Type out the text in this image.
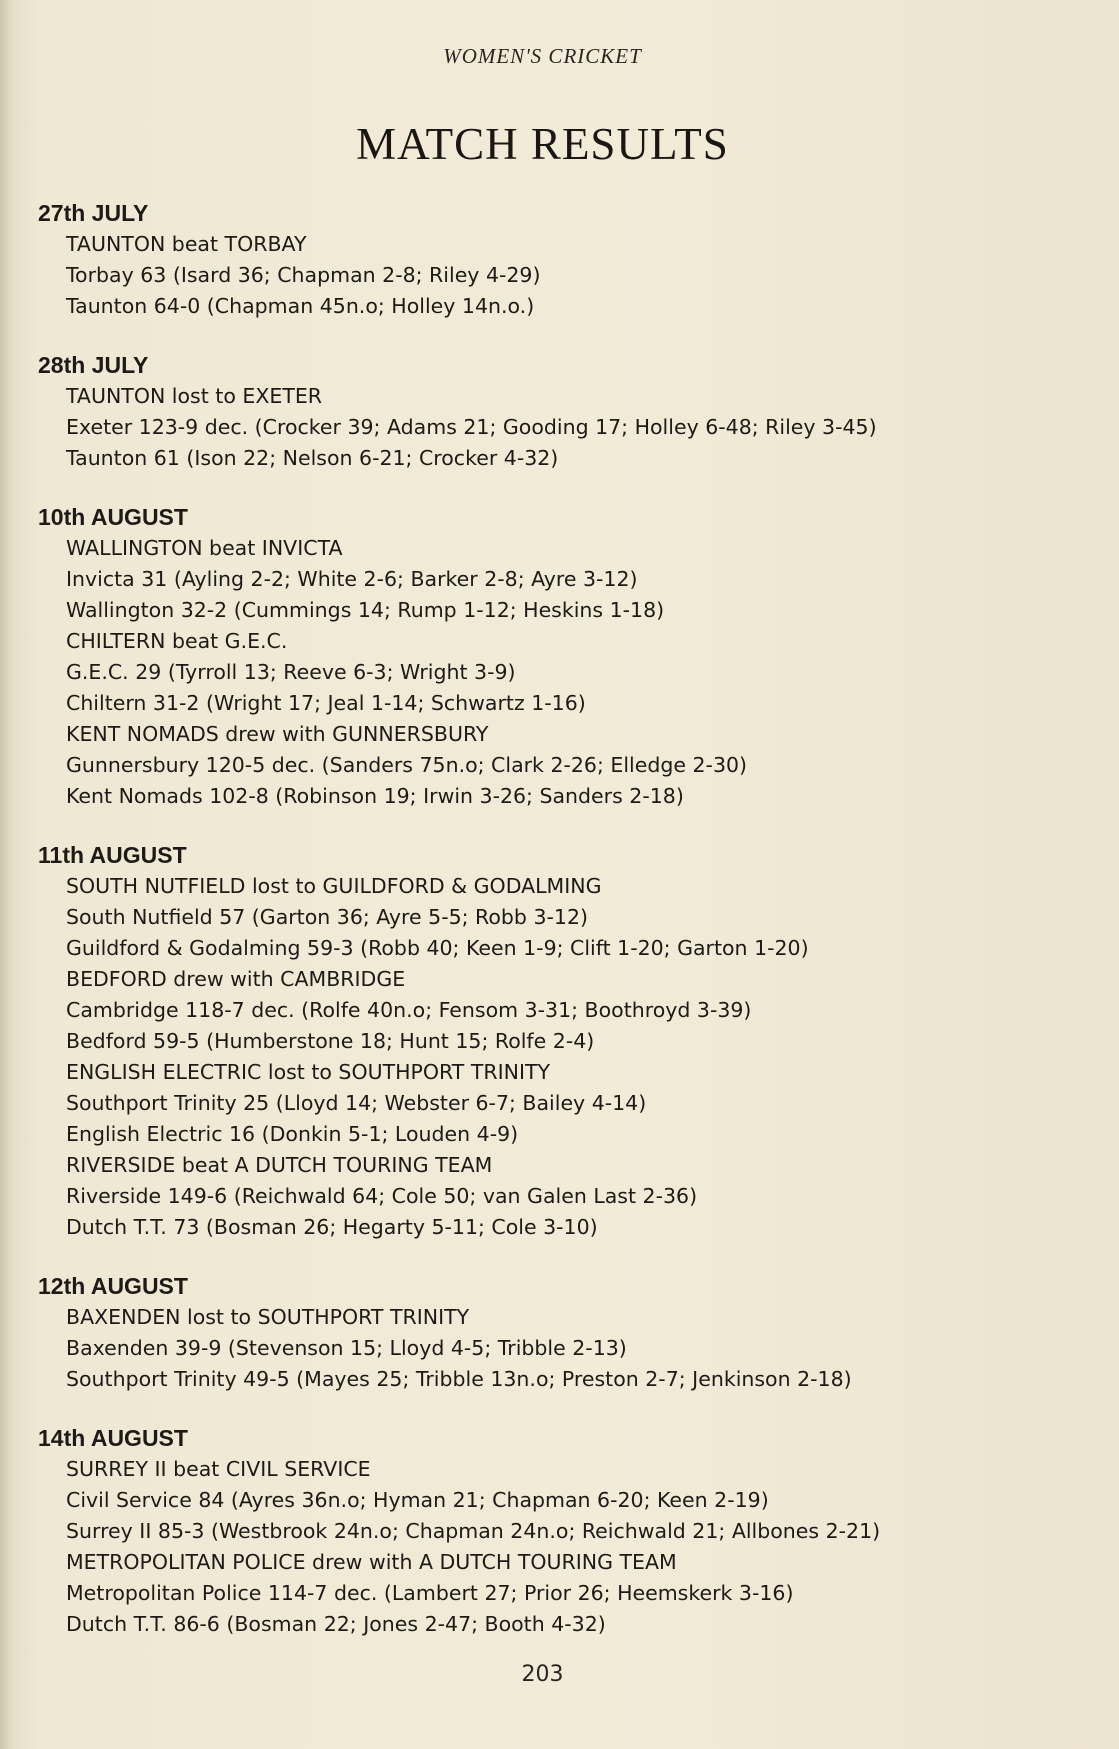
WOMEN'S CRICKET
MATCH RESULTS
27th JULY
TAUNTON beat TORBAY
Torbay 63 (Isard 36; Chapman 2-8; Riley 4-29)
Taunton 64-0 (Chapman 45n.o; Holley 14n.o.)
28th JULY
TAUNTON lost to EXETER
Exeter 123-9 dec. (Crocker 39; Adams 21; Gooding 17; Holley 6-48; Riley 3-45)
Taunton 61 (Ison 22; Nelson 6-21; Crocker 4-32)
10th AUGUST
WALLINGTON beat INVICTA
Invicta 31 (Ayling 2-2; White 2-6; Barker 2-8; Ayre 3-12)
Wallington 32-2 (Cummings 14; Rump 1-12; Heskins 1-18)
CHILTERN beat G.E.C.
G.E.C. 29 (Tyrroll 13; Reeve 6-3; Wright 3-9)
Chiltern 31-2 (Wright 17; Jeal 1-14; Schwartz 1-16)
KENT NOMADS drew with GUNNERSBURY
Gunnersbury 120-5 dec. (Sanders 75n.o; Clark 2-26; Elledge 2-30)
Kent Nomads 102-8 (Robinson 19; Irwin 3-26; Sanders 2-18)
11th AUGUST
SOUTH NUTFIELD lost to GUILDFORD & GODALMING
South Nutfield 57 (Garton 36; Ayre 5-5; Robb 3-12)
Guildford & Godalming 59-3 (Robb 40; Keen 1-9; Clift 1-20; Garton 1-20)
BEDFORD drew with CAMBRIDGE
Cambridge 118-7 dec. (Rolfe 40n.o; Fensom 3-31; Boothroyd 3-39)
Bedford 59-5 (Humberstone 18; Hunt 15; Rolfe 2-4)
ENGLISH ELECTRIC lost to SOUTHPORT TRINITY
Southport Trinity 25 (Lloyd 14; Webster 6-7; Bailey 4-14)
English Electric 16 (Donkin 5-1; Louden 4-9)
RIVERSIDE beat A DUTCH TOURING TEAM
Riverside 149-6 (Reichwald 64; Cole 50; van Galen Last 2-36)
Dutch T.T. 73 (Bosman 26; Hegarty 5-11; Cole 3-10)
12th AUGUST
BAXENDEN lost to SOUTHPORT TRINITY
Baxenden 39-9 (Stevenson 15; Lloyd 4-5; Tribble 2-13)
Southport Trinity 49-5 (Mayes 25; Tribble 13n.o; Preston 2-7; Jenkinson 2-18)
14th AUGUST
SURREY II beat CIVIL SERVICE
Civil Service 84 (Ayres 36n.o; Hyman 21; Chapman 6-20; Keen 2-19)
Surrey II 85-3 (Westbrook 24n.o; Chapman 24n.o; Reichwald 21; Allbones 2-21)
METROPOLITAN POLICE drew with A DUTCH TOURING TEAM
Metropolitan Police 114-7 dec. (Lambert 27; Prior 26; Heemskerk 3-16)
Dutch T.T. 86-6 (Bosman 22; Jones 2-47; Booth 4-32)
203
